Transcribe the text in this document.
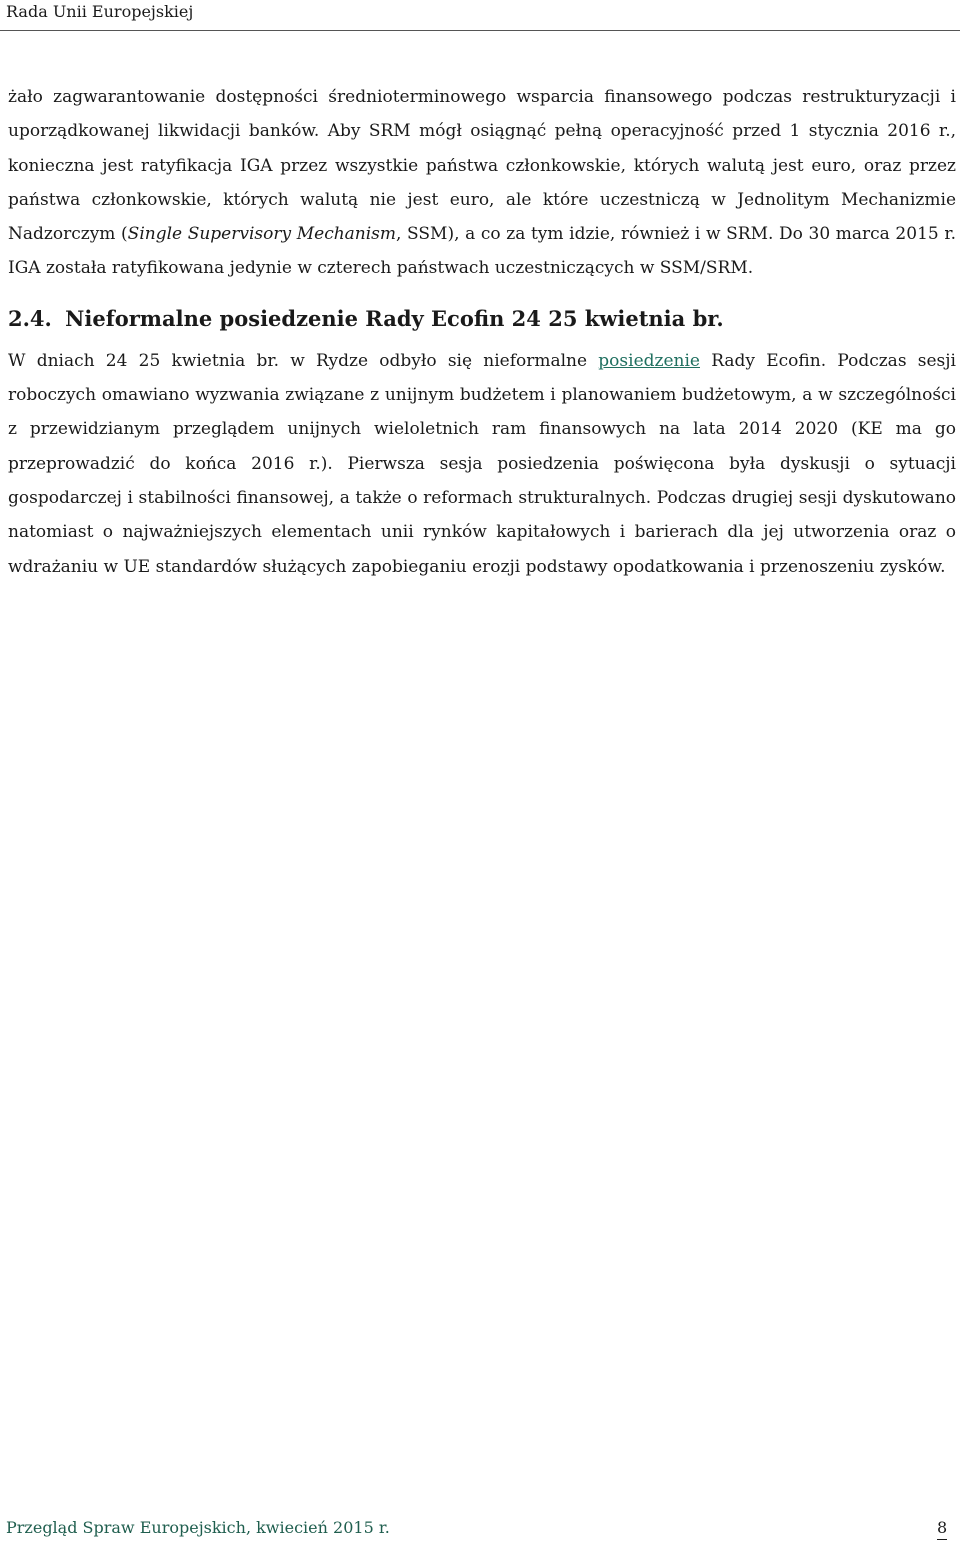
Rada Unii Europejskiej

żało zagwarantowanie dostępności średnioterminowego wsparcia finansowego podczas restrukturyzacji i uporządkowanej likwidacji banków. Aby SRM mógł osiągnąć pełną operacyjność przed 1 stycznia 2016 r., konieczna jest ratyfikacja IGA przez wszystkie państwa członkowskie, których walutą jest euro, oraz przez państwa członkowskie, których walutą nie jest euro, ale które uczestniczą w Jednolitym Mechanizmie Nadzorczym (Single Supervisory Mechanism, SSM), a co za tym idzie, również i w SRM. Do 30 marca 2015 r. IGA została ratyfikowana jedynie w czterech państwach uczestniczących w SSM/SRM.

2.4. Nieformalne posiedzenie Rady Ecofin 24 25 kwietnia br.

W dniach 24 25 kwietnia br. w Rydze odbyło się nieformalne posiedzenie Rady Ecofin. Podczas sesji roboczych omawiano wyzwania związane z unijnym budżetem i planowaniem budżetowym, a w szczególności z przewidzianym przeglądem unijnych wieloletnich ram finansowych na lata 2014 2020 (KE ma go przeprowadzić do końca 2016 r.). Pierwsza sesja posiedzenia poświęcona była dyskusji o sytuacji gospodarczej i stabilności finansowej, a także o reformach strukturalnych. Podczas drugiej sesji dyskutowano natomiast o najważniejszych elementach unii rynków kapitałowych i barierach dla jej utworzenia oraz o wdrażaniu w UE standardów służących zapobieganiu erozji podstawy opodatkowania i przenoszeniu zysków.

Przegląd Spraw Europejskich, kwiecień 2015 r.	8
